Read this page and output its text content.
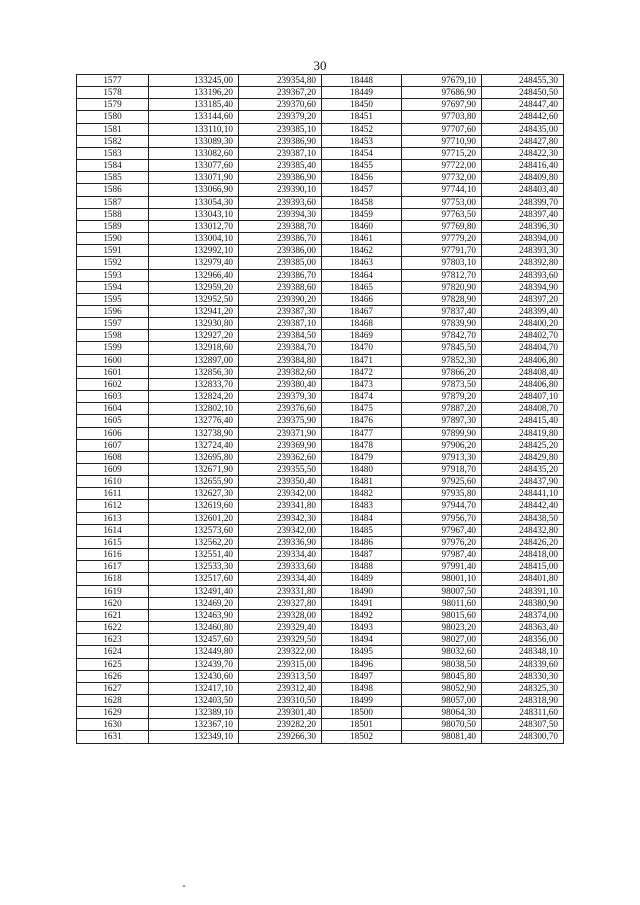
30
1577	133245,00	239354,80	18448	97679,10	248455,30
1578	133196,20	239367,20	18449	97686,90	248450,50
1579	133185,40	239370,60	18450	97697,90	248447,40
1580	133144,60	239379,20	18451	97703,80	248442,60
1581	133110,10	239385,10	18452	97707,60	248435,00
1582	133089,30	239386,90	18453	97710,90	248427,80
1583	133082,60	239387,10	18454	97715,20	248422,30
1584	133077,60	239385,40	18455	97722,00	248416,40
1585	133071,90	239386,90	18456	97732,00	248409,80
1586	133066,90	239390,10	18457	97744,10	248403,40
1587	133054,30	239393,60	18458	97753,00	248399,70
1588	133043,10	239394,30	18459	97763,50	248397,40
1589	133012,70	239388,70	18460	97769,80	248396,30
1590	133004,10	239386,70	18461	97779,20	248394,00
1591	132992,10	239386,00	18462	97791,70	248393,30
1592	132979,40	239385,00	18463	97803,10	248392,80
1593	132966,40	239386,70	18464	97812,70	248393,60
1594	132959,20	239388,60	18465	97820,90	248394,90
1595	132952,50	239390,20	18466	97828,90	248397,20
1596	132941,20	239387,30	18467	97837,40	248399,40
1597	132930,80	239387,10	18468	97839,90	248400,20
1598	132927,20	239384,50	18469	97842,70	248402,70
1599	132918,60	239384,70	18470	97845,50	248404,70
1600	132897,00	239384,80	18471	97852,30	248406,80
1601	132856,30	239382,60	18472	97866,20	248408,40
1602	132833,70	239380,40	18473	97873,50	248406,80
1603	132824,20	239379,30	18474	97879,20	248407,10
1604	132802,10	239376,60	18475	97887,20	248408,70
1605	132776,40	239375,90	18476	97897,30	248415,40
1606	132738,90	239371,90	18477	97899,90	248419,80
1607	132724,40	239369,90	18478	97906,20	248425,20
1608	132695,80	239362,60	18479	97913,30	248429,80
1609	132671,90	239355,50	18480	97918,70	248435,20
1610	132655,90	239350,40	18481	97925,60	248437,90
1611	132627,30	239342,00	18482	97935,80	248441,10
1612	132619,60	239341,80	18483	97944,70	248442,40
1613	132601,20	239342,30	18484	97956,70	248438,50
1614	132573,60	239342,00	18485	97967,40	248432,80
1615	132562,20	239336,90	18486	97976,20	248426,20
1616	132551,40	239334,40	18487	97987,40	248418,00
1617	132533,30	239333,60	18488	97991,40	248415,00
1618	132517,60	239334,40	18489	98001,10	248401,80
1619	132491,40	239331,80	18490	98007,50	248391,10
1620	132469,20	239327,80	18491	98011,60	248380,90
1621	132463,90	239328,00	18492	98015,60	248374,00
1622	132460,80	239329,40	18493	98023,20	248363,40
1623	132457,60	239329,50	18494	98027,00	248356,00
1624	132449,80	239322,00	18495	98032,60	248348,10
1625	132439,70	239315,00	18496	98038,50	248339,60
1626	132430,60	239313,50	18497	98045,80	248330,30
1627	132417,10	239312,40	18498	98052,90	248325,30
1628	132403,50	239310,50	18499	98057,00	248318,90
1629	132389,10	239301,40	18500	98064,30	248311,60
1630	132367,10	239282,20	18501	98070,50	248307,50
1631	132349,10	239266,30	18502	98081,40	248300,70
